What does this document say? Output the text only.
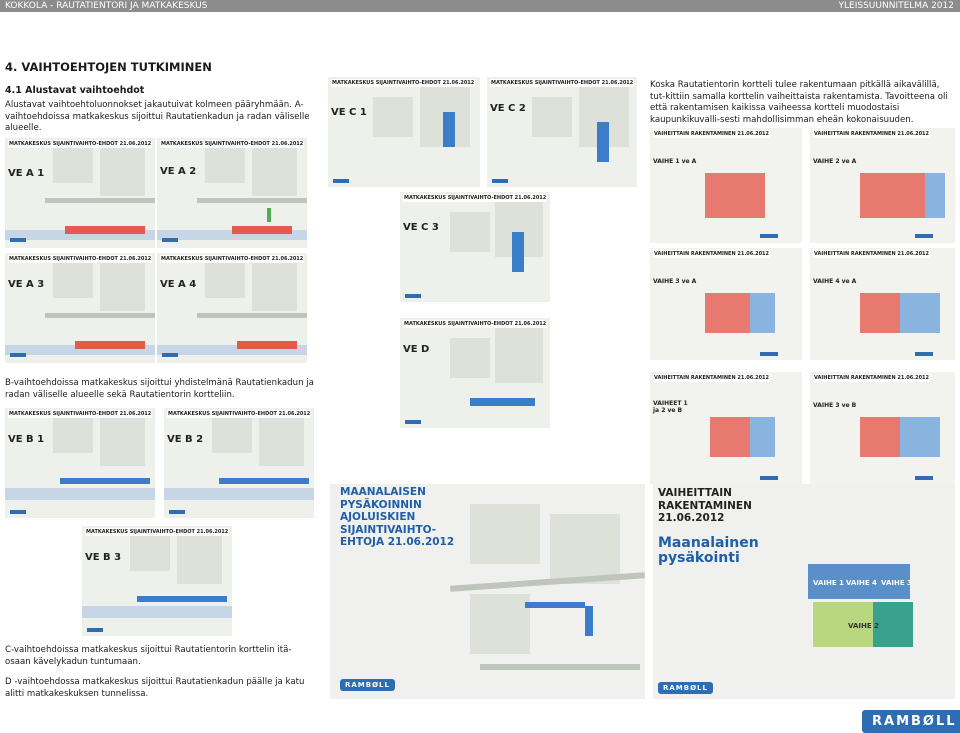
KOKKOLA - RAUTATIENTORI JA MATKAKESKUS	YLEISSUUNNITELMA 2012
4. VAIHTOEHTOJEN TUTKIMINEN
4.1 Alustavat vaihtoehdot

Alustavat vaihtoehtoluonnokset jakautuivat kolmeen pääryhmään. A-vaihtoehdoissa matkakeskus sijoittui Rautatienkadun ja radan väliselle alueelle.

Koska Rautatientorin kortteli tulee rakentumaan pitkällä aikavälillä, tut-kittiin samalla korttelin vaiheittaista rakentamista. Tavoitteena oli että rakentamisen kaikissa vaiheessa kortteli muodostaisi kaupunkikuvalli-sesti mahdollisimman eheän kokonaisuuden.

B-vaihtoehdoissa matkakeskus sijoittui yhdistelmänä Rautatienkadun ja radan väliselle alueelle sekä Rautatientorin kortteliin.

C-vaihtoehdoissa matkakeskus sijoittui Rautatientorin korttelin itä-osaan kävelykadun tuntumaan.

D -vaihtoehdossa matkakeskus sijoittui Rautatienkadun päälle ja katu alitti matkakeskuksen tunnelissa.

MATKAKESKUS SIJAINTIVAIHTO-EHDOT 21.06.2012
VE A 1
MATKAKESKUS SIJAINTIVAIHTO-EHDOT 21.06.2012
VE A 2
MATKAKESKUS SIJAINTIVAIHTO-EHDOT 21.06.2012
VE A 3
MATKAKESKUS SIJAINTIVAIHTO-EHDOT 21.06.2012
VE A 4
MATKAKESKUS SIJAINTIVAIHTO-EHDOT 21.06.2012
VE C 1
MATKAKESKUS SIJAINTIVAIHTO-EHDOT 21.06.2012
VE C 2
MATKAKESKUS SIJAINTIVAIHTO-EHDOT 21.06.2012
VE C 3
MATKAKESKUS SIJAINTIVAIHTO-EHDOT 21.06.2012
VE D
MATKAKESKUS SIJAINTIVAIHTO-EHDOT 21.06.2012
VE B 1
MATKAKESKUS SIJAINTIVAIHTO-EHDOT 21.06.2012
VE B 2
MATKAKESKUS SIJAINTIVAIHTO-EHDOT 21.06.2012
VE B 3
VAIHEITTAIN RAKENTAMINEN 21.06.2012
VAIHE 1 ve A
VAIHEITTAIN RAKENTAMINEN 21.06.2012
VAIHE 2 ve A
VAIHEITTAIN RAKENTAMINEN 21.06.2012
VAIHE 3 ve A
VAIHEITTAIN RAKENTAMINEN 21.06.2012
VAIHE 4 ve A
VAIHEITTAIN RAKENTAMINEN 21.06.2012
VAIHEET 1 ja 2 ve B
VAIHEITTAIN RAKENTAMINEN 21.06.2012
VAIHE 3 ve B
MAANALAISEN PYSÄKOINNIN AJOLUISKIEN SIJAINTIVAIHTO-EHTOJA 21.06.2012
RAMBØLL
VAIHEITTAIN RAKENTAMINEN 21.06.2012
Maanalainen pysäkointi
VAIHE 1 VAIHE 4 VAIHE 3
VAIHE 2
RAMBØLL
RAMBØLL
